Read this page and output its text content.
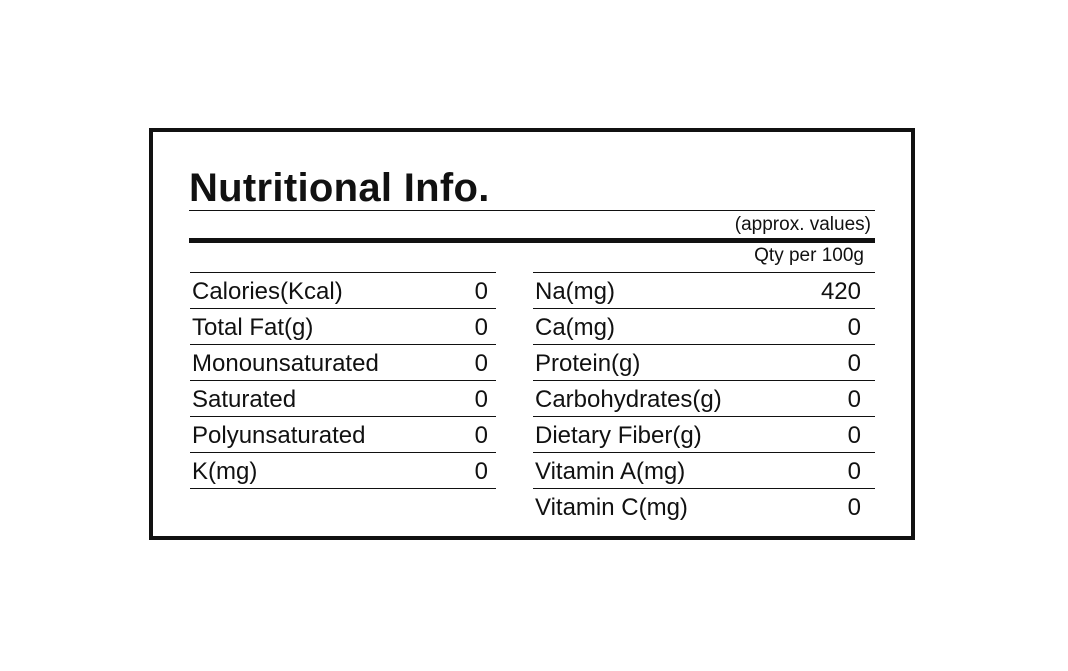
Nutritional Info.
(approx. values)
Qty per 100g
Calories(Kcal)	0
Total Fat(g)	0
Monounsaturated	0
Saturated	0
Polyunsaturated	0
K(mg)	0
Na(mg)	420
Ca(mg)	0
Protein(g)	0
Carbohydrates(g)	0
Dietary Fiber(g)	0
Vitamin A(mg)	0
Vitamin C(mg)	0
